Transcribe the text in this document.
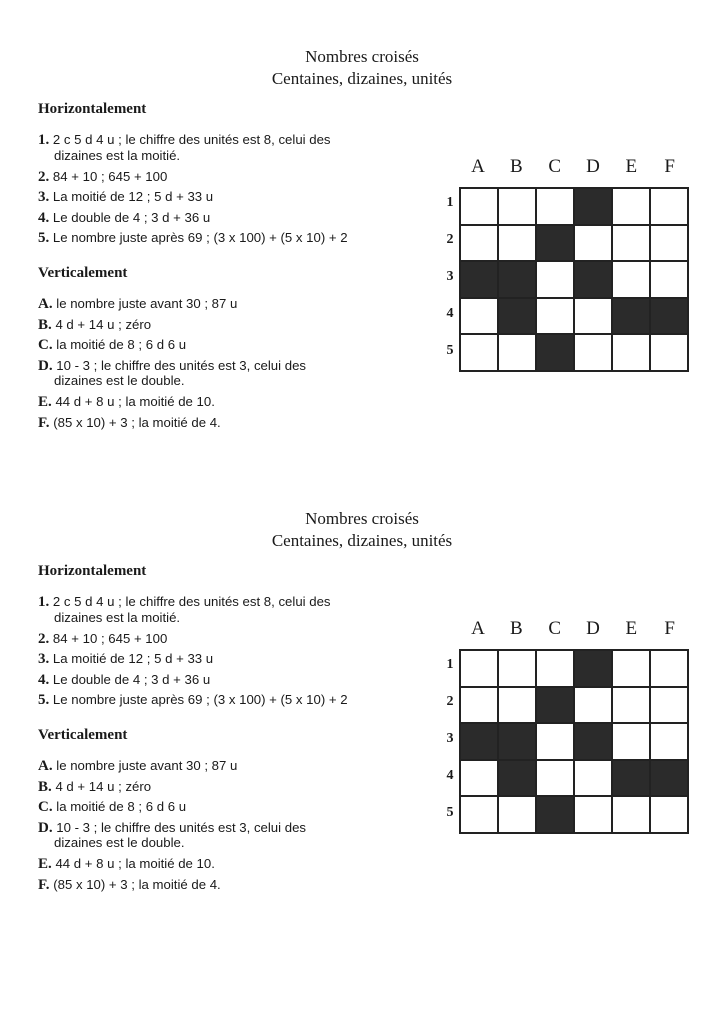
Nombres croisés
Centaines, dizaines, unités
Horizontalement
1. 2 c 5 d 4 u ; le chiffre des unités est 8, celui des
dizaines est la moitié.
2. 84 + 10 ; 645 + 100
3. La moitié de 12 ; 5 d + 33 u
4. Le double de 4 ; 3 d + 36 u
5. Le nombre juste après 69 ; (3 x 100) + (5 x 10) + 2
Verticalement
A. le nombre juste avant 30 ; 87 u
B. 4 d + 14 u ; zéro
C. la moitié de 8 ; 6 d 6 u
D. 10 - 3 ; le chiffre des unités est 3, celui des
dizaines est le double.
E. 44 d + 8 u ; la moitié de 10.
F. (85 x 10) + 3 ; la moitié de 4.
A	B	C	D	E	F
1
2
3
4
5
Nombres croisés
Centaines, dizaines, unités
Horizontalement
1. 2 c 5 d 4 u ; le chiffre des unités est 8, celui des
dizaines est la moitié.
2. 84 + 10 ; 645 + 100
3. La moitié de 12 ; 5 d + 33 u
4. Le double de 4 ; 3 d + 36 u
5. Le nombre juste après 69 ; (3 x 100) + (5 x 10) + 2
Verticalement
A. le nombre juste avant 30 ; 87 u
B. 4 d + 14 u ; zéro
C. la moitié de 8 ; 6 d 6 u
D. 10 - 3 ; le chiffre des unités est 3, celui des
dizaines est le double.
E. 44 d + 8 u ; la moitié de 10.
F. (85 x 10) + 3 ; la moitié de 4.
A	B	C	D	E	F
1
2
3
4
5
